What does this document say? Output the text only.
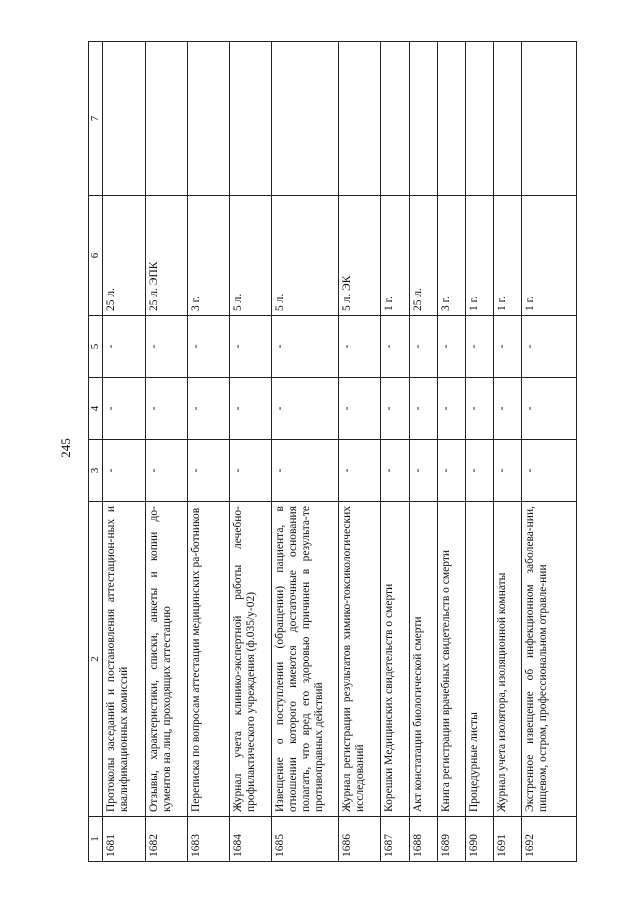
245
1	2	3	4	5	6	7
1681	Протоколы заседаний и постановления аттестацион-ных и квалификационных комиссий	-	-	-	25 л.	
1682	Отзывы, характеристики, списки, анкеты и копии до-кументов на лиц, проходящих аттестацию	-	-	-	25 л. ЭПК	
1683	Переписка по вопросам аттестации медицинских ра-ботников	-	-	-	3 г.	
1684	Журнал учета клинико-экспертной работы лечебно-профилактического учреждения (ф.035/у-02)	-	-	-	5 л.	
1685	Извещение о поступлении (обращении) пациента, в отношении которого имеются достаточные основания полагать, что вред его здоровью причинен в результа-те противоправных действий	-	-	-	5 л.	
1686	Журнал регистрации результатов химико-токсикологических исследований	-	-	-	5 л. ЭК	
1687	Корешки Медицинских свидетельств о смерти	-	-	-	1 г.	
1688	Акт констатации биологической смерти	-	-	-	25 л.	
1689	Книга регистрации врачебных свидетельств о смерти	-	-	-	3 г.	
1690	Процедурные листы	-	-	-	1 г.	
1691	Журнал учета изолятора, изоляционной комнаты	-	-	-	1 г.	
1692	Экстренное извещение об инфекционном заболева-нии, пищевом, остром, профессиональном отравле-нии	-	-	-	1 г.	
